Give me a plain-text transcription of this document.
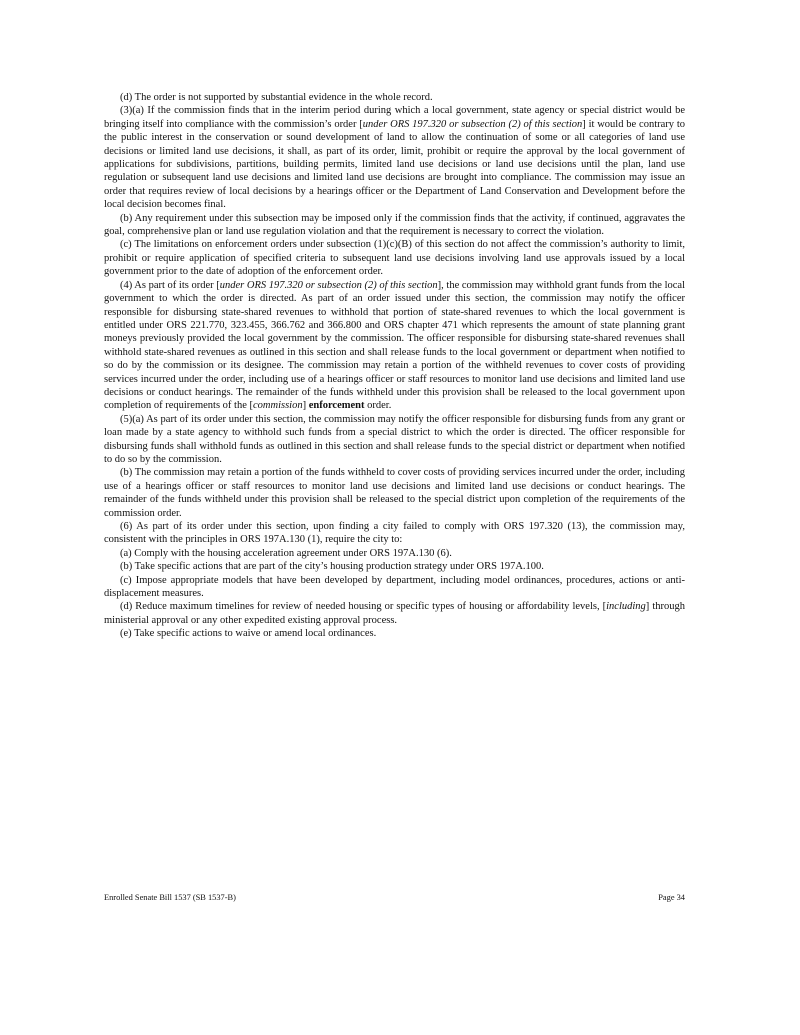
(d) The order is not supported by substantial evidence in the whole record.

(3)(a) If the commission finds that in the interim period during which a local government, state agency or special district would be bringing itself into compliance with the commission’s order [under ORS 197.320 or subsection (2) of this section] it would be contrary to the public interest in the conservation or sound development of land to allow the continuation of some or all categories of land use decisions or limited land use decisions, it shall, as part of its order, limit, prohibit or require the approval by the local government of applications for subdivisions, partitions, building permits, limited land use decisions or land use decisions until the plan, land use regulation or subsequent land use decisions and limited land use decisions are brought into compliance. The commission may issue an order that requires review of local decisions by a hearings officer or the Department of Land Conservation and Development before the local decision becomes final.

(b) Any requirement under this subsection may be imposed only if the commission finds that the activity, if continued, aggravates the goal, comprehensive plan or land use regulation violation and that the requirement is necessary to correct the violation.

(c) The limitations on enforcement orders under subsection (1)(c)(B) of this section do not affect the commission’s authority to limit, prohibit or require application of specified criteria to subsequent land use decisions involving land use approvals issued by a local government prior to the date of adoption of the enforcement order.

(4) As part of its order [under ORS 197.320 or subsection (2) of this section], the commission may withhold grant funds from the local government to which the order is directed. As part of an order issued under this section, the commission may notify the officer responsible for disbursing state-shared revenues to withhold that portion of state-shared revenues to which the local government is entitled under ORS 221.770, 323.455, 366.762 and 366.800 and ORS chapter 471 which represents the amount of state planning grant moneys previously provided the local government by the commission. The officer responsible for disbursing state-shared revenues shall withhold state-shared revenues as outlined in this section and shall release funds to the local government or department when notified to so do by the commission or its designee. The commission may retain a portion of the withheld revenues to cover costs of providing services incurred under the order, including use of a hearings officer or staff resources to monitor land use decisions and limited land use decisions or conduct hearings. The remainder of the funds withheld under this provision shall be released to the local government upon completion of requirements of the [commission] enforcement order.

(5)(a) As part of its order under this section, the commission may notify the officer responsible for disbursing funds from any grant or loan made by a state agency to withhold such funds from a special district to which the order is directed. The officer responsible for disbursing funds shall withhold funds as outlined in this section and shall release funds to the special district or department when notified to do so by the commission.

(b) The commission may retain a portion of the funds withheld to cover costs of providing services incurred under the order, including use of a hearings officer or staff resources to monitor land use decisions and limited land use decisions or conduct hearings. The remainder of the funds withheld under this provision shall be released to the special district upon completion of the requirements of the commission order.

(6) As part of its order under this section, upon finding a city failed to comply with ORS 197.320 (13), the commission may, consistent with the principles in ORS 197A.130 (1), require the city to:

(a) Comply with the housing acceleration agreement under ORS 197A.130 (6).

(b) Take specific actions that are part of the city’s housing production strategy under ORS 197A.100.

(c) Impose appropriate models that have been developed by department, including model ordinances, procedures, actions or anti-displacement measures.

(d) Reduce maximum timelines for review of needed housing or specific types of housing or affordability levels, [including] through ministerial approval or any other expedited existing approval process.

(e) Take specific actions to waive or amend local ordinances.

Enrolled Senate Bill 1537 (SB 1537-B)	Page 34
